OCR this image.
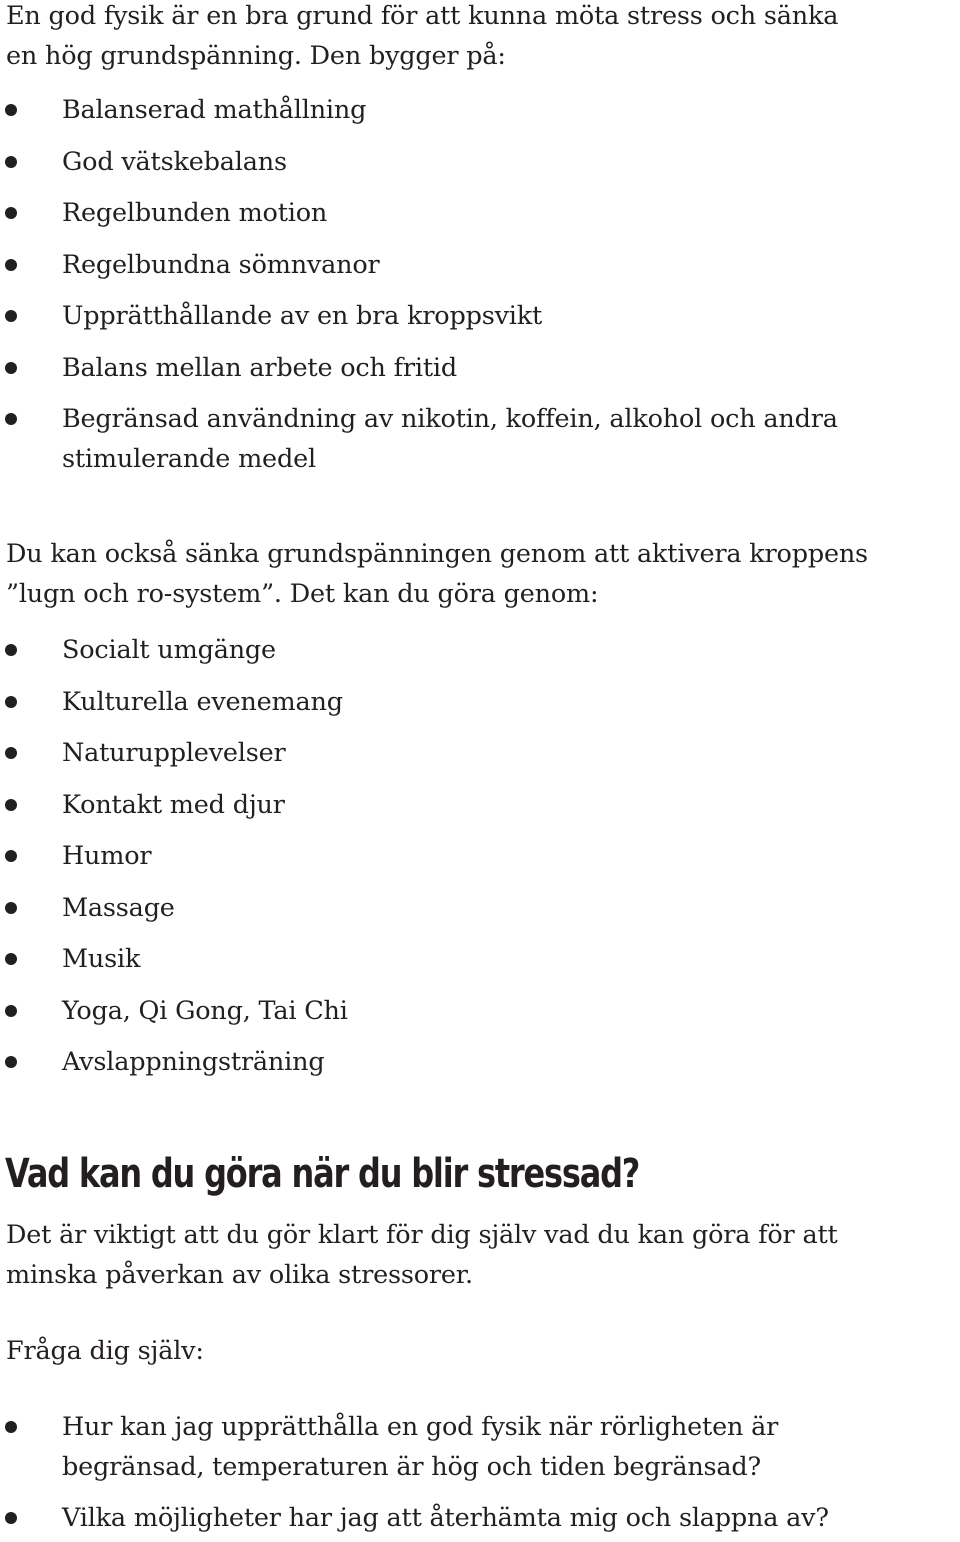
En god fysik är en bra grund för att kunna möta stress och sänka
en hög grundspänning. Den bygger på:

Balanserad mathållning
God vätskebalans
Regelbunden motion
Regelbundna sömnvanor
Upprätthållande av en bra kroppsvikt
Balans mellan arbete och fritid
Begränsad användning av nikotin, koffein, alkohol och andra
stimulerande medel

Du kan också sänka grundspänningen genom att aktivera kroppens
”lugn och ro-system”. Det kan du göra genom:

Socialt umgänge
Kulturella evenemang
Naturupplevelser
Kontakt med djur
Humor
Massage
Musik
Yoga, Qi Gong, Tai Chi
Avslappningsträning
Vad kan du göra när du blir stressad?

Det är viktigt att du gör klart för dig själv vad du kan göra för att
minska påverkan av olika stressorer.

Fråga dig själv:

Hur kan jag upprätthålla en god fysik när rörligheten är
begränsad, temperaturen är hög och tiden begränsad?
Vilka möjligheter har jag att återhämta mig och slappna av?
